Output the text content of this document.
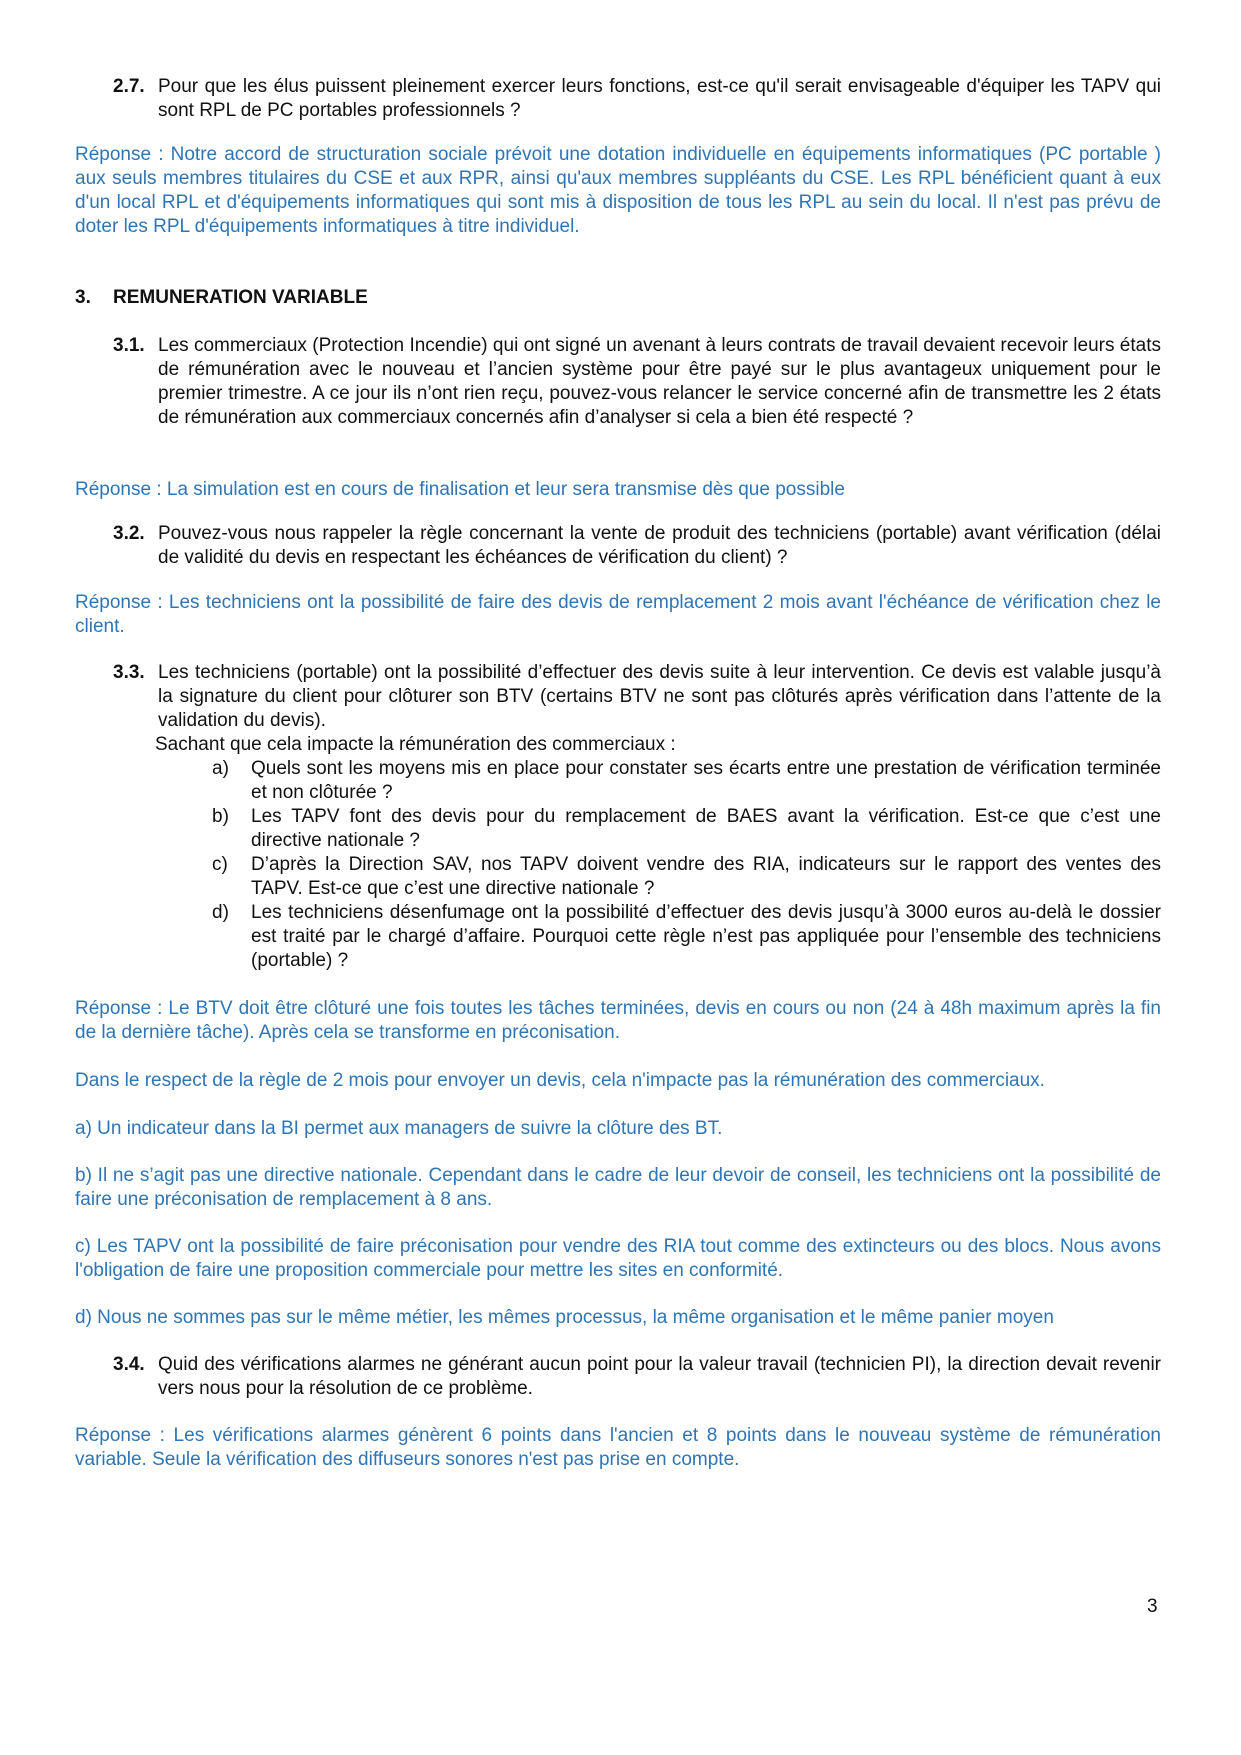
2.7. Pour que les élus puissent pleinement exercer leurs fonctions, est-ce qu'il serait envisageable d'équiper les TAPV qui sont RPL de PC portables professionnels ?
Réponse : Notre accord de structuration sociale prévoit une dotation individuelle en équipements informatiques (PC portable ) aux seuls membres titulaires du CSE et aux RPR, ainsi qu'aux membres suppléants du CSE. Les RPL bénéficient quant à eux d'un local RPL et d'équipements informatiques qui sont mis à disposition de tous les RPL au sein du local. Il n'est pas prévu de doter les RPL d'équipements informatiques à titre individuel.
3. REMUNERATION VARIABLE
3.1. Les commerciaux (Protection Incendie) qui ont signé un avenant à leurs contrats de travail devaient recevoir leurs états de rémunération avec le nouveau et l’ancien système pour être payé sur le plus avantageux uniquement pour le premier trimestre. A ce jour ils n’ont rien reçu, pouvez-vous relancer le service concerné afin de transmettre les 2 états de rémunération aux commerciaux concernés afin d’analyser si cela a bien été respecté ?
Réponse : La simulation est en cours de finalisation et leur sera transmise dès que possible
3.2. Pouvez-vous nous rappeler la règle concernant la vente de produit des techniciens (portable) avant vérification (délai de validité du devis en respectant les échéances de vérification du client) ?
Réponse : Les techniciens ont la possibilité de faire des devis de remplacement 2 mois avant l'échéance de vérification chez le client.
3.3. Les techniciens (portable) ont la possibilité d’effectuer des devis suite à leur intervention. Ce devis est valable jusqu’à la signature du client pour clôturer son BTV (certains BTV ne sont pas clôturés après vérification dans l’attente de la validation du devis).
Sachant que cela impacte la rémunération des commerciaux :
a) Quels sont les moyens mis en place pour constater ses écarts entre une prestation de vérification terminée et non clôturée ?
b) Les TAPV font des devis pour du remplacement de BAES avant la vérification. Est-ce que c’est une directive nationale ?
c) D’après la Direction SAV, nos TAPV doivent vendre des RIA, indicateurs sur le rapport des ventes des TAPV. Est-ce que c’est une directive nationale ?
d) Les techniciens désenfumage ont la possibilité d’effectuer des devis jusqu’à 3000 euros au-delà le dossier est traité par le chargé d’affaire. Pourquoi cette règle n’est pas appliquée pour l’ensemble des techniciens (portable) ?
Réponse : Le BTV doit être clôturé une fois toutes les tâches terminées, devis en cours ou non (24 à 48h maximum après la fin de la dernière tâche). Après cela se transforme en préconisation.
Dans le respect de la règle de 2 mois pour envoyer un devis, cela n'impacte pas la rémunération des commerciaux.
a) Un indicateur dans la BI permet aux managers de suivre la clôture des BT.
b) Il ne s’agit pas une directive nationale. Cependant dans le cadre de leur devoir de conseil, les techniciens ont la possibilité de faire une préconisation de remplacement à 8 ans.
c) Les TAPV ont la possibilité de faire préconisation pour vendre des RIA tout comme des extincteurs ou des blocs. Nous avons l'obligation de faire une proposition commerciale pour mettre les sites en conformité.
d) Nous ne sommes pas sur le même métier, les mêmes processus, la même organisation et le même panier moyen
3.4. Quid des vérifications alarmes ne générant aucun point pour la valeur travail (technicien PI), la direction devait revenir vers nous pour la résolution de ce problème.
Réponse : Les vérifications alarmes génèrent 6 points dans l'ancien et 8 points dans le nouveau système de rémunération variable. Seule la vérification des diffuseurs sonores n'est pas prise en compte.
3
